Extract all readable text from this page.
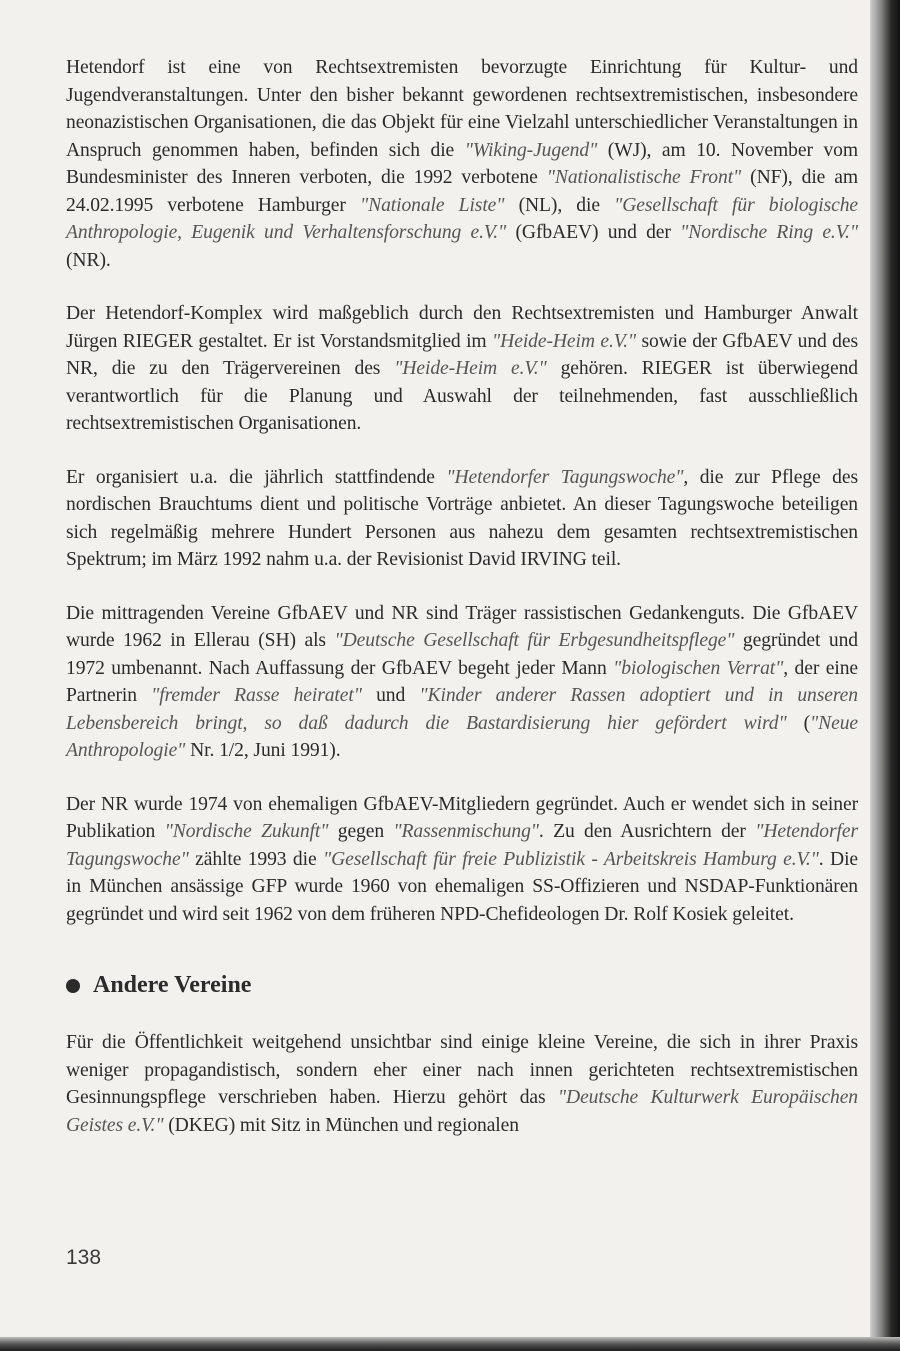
Hetendorf ist eine von Rechtsextremisten bevorzugte Einrichtung für Kultur- und Jugendveranstaltungen. Unter den bisher bekannt gewordenen rechtsextremistischen, insbesondere neonazistischen Organisationen, die das Objekt für eine Vielzahl unterschiedlicher Veranstaltungen in Anspruch genommen haben, befinden sich die "Wiking-Jugend" (WJ), am 10. November vom Bundesminister des Inneren verboten, die 1992 verbotene "Nationalistische Front" (NF), die am 24.02.1995 verbotene Hamburger "Nationale Liste" (NL), die "Gesellschaft für biologische Anthropologie, Eugenik und Verhaltensforschung e.V." (GfbAEV) und der "Nordische Ring e.V." (NR).

Der Hetendorf-Komplex wird maßgeblich durch den Rechtsextremisten und Hamburger Anwalt Jürgen RIEGER gestaltet. Er ist Vorstandsmitglied im "Heide-Heim e.V." sowie der GfbAEV und des NR, die zu den Trägervereinen des "Heide-Heim e.V." gehören. RIEGER ist überwiegend verantwortlich für die Planung und Auswahl der teilnehmenden, fast ausschließlich rechtsextremistischen Organisationen.

Er organisiert u.a. die jährlich stattfindende "Hetendorfer Tagungswoche", die zur Pflege des nordischen Brauchtums dient und politische Vorträge anbietet. An dieser Tagungswoche beteiligen sich regelmäßig mehrere Hundert Personen aus nahezu dem gesamten rechtsextremistischen Spektrum; im März 1992 nahm u.a. der Revisionist David IRVING teil.

Die mittragenden Vereine GfbAEV und NR sind Träger rassistischen Gedankenguts. Die GfbAEV wurde 1962 in Ellerau (SH) als "Deutsche Gesellschaft für Erbgesundheitspflege" gegründet und 1972 umbenannt. Nach Auffassung der GfbAEV begeht jeder Mann "biologischen Verrat", der eine Partnerin "fremder Rasse heiratet" und "Kinder anderer Rassen adoptiert und in unseren Lebensbereich bringt, so daß dadurch die Bastardisierung hier gefördert wird" ("Neue Anthropologie" Nr. 1/2, Juni 1991).

Der NR wurde 1974 von ehemaligen GfbAEV-Mitgliedern gegründet. Auch er wendet sich in seiner Publikation "Nordische Zukunft" gegen "Rassenmischung". Zu den Ausrichtern der "Hetendorfer Tagungswoche" zählte 1993 die "Gesellschaft für freie Publizistik - Arbeitskreis Hamburg e.V.". Die in München ansässige GFP wurde 1960 von ehemaligen SS-Offizieren und NSDAP-Funktionären gegründet und wird seit 1962 von dem früheren NPD-Chefideologen Dr. Rolf Kosiek geleitet.

Andere Vereine

Für die Öffentlichkeit weitgehend unsichtbar sind einige kleine Vereine, die sich in ihrer Praxis weniger propagandistisch, sondern eher einer nach innen gerichteten rechtsextremistischen Gesinnungspflege verschrieben haben. Hierzu gehört das "Deutsche Kulturwerk Europäischen Geistes e.V." (DKEG) mit Sitz in München und regionalen

138
